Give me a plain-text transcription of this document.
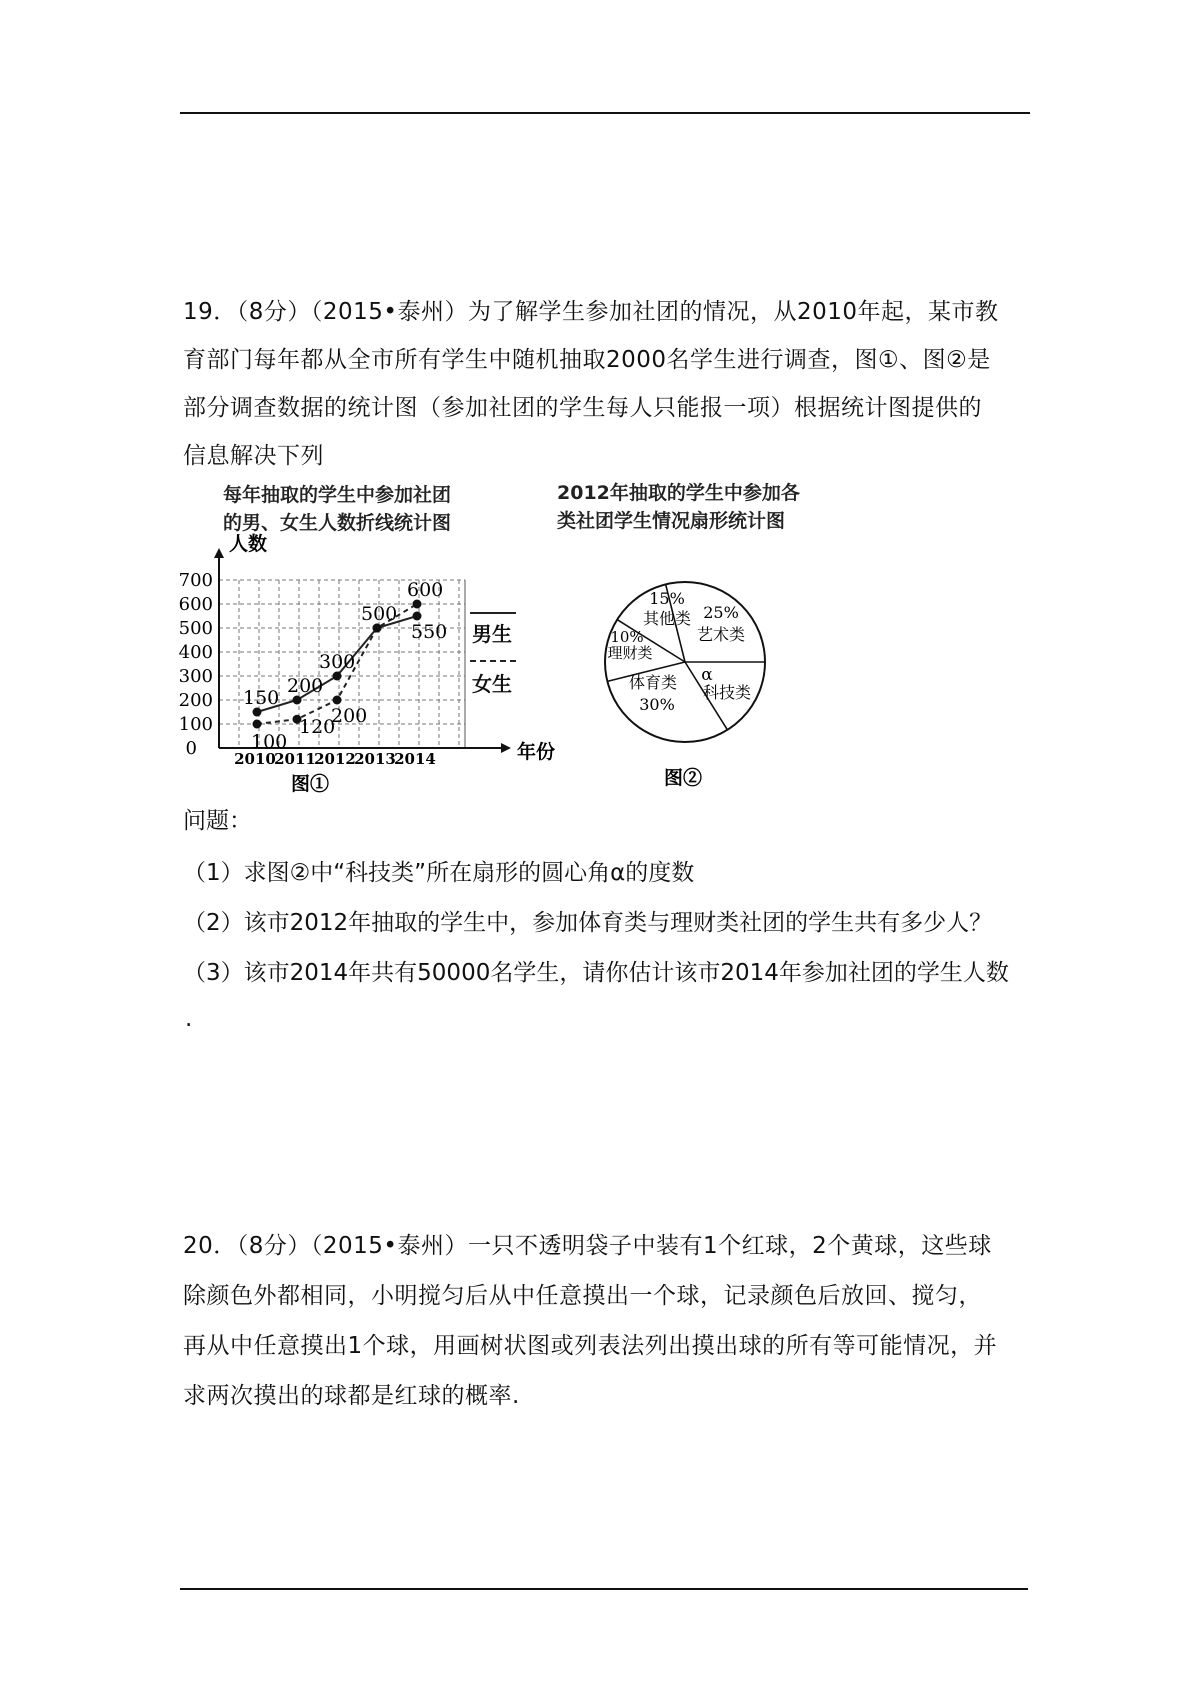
19．（8分）（2015•泰州）为了解学生参加社团的情况，从2010年起，某市教
育部门每年都从全市所有学生中随机抽取2000名学生进行调查，图①、图②是
部分调查数据的统计图（参加社团的学生每人只能报一项）根据统计图提供的
信息解决下列
每年抽取的学生中参加社团
的男、女生人数折线统计图
人数
年份
100
200
300
400
500
600
700
0 2010
2011
2012
2013
2014
150
200
300
500
600
100
120
200
550
图①
男生
女生
2012年抽取的学生中参加各
类社团学生情况扇形统计图
25%
艺术类
α
科技类
体育类
30%
10%
理财类
15%
其他类
图②
问题：
（1）求图②中“科技类”所在扇形的圆心角α的度数
（2）该市2012年抽取的学生中，参加体育类与理财类社团的学生共有多少人？
（3）该市2014年共有50000名学生，请你估计该市2014年参加社团的学生人数
.
20．（8分）（2015•泰州）一只不透明袋子中装有1个红球，2个黄球，这些球
除颜色外都相同，小明搅匀后从中任意摸出一个球，记录颜色后放回、搅匀，
再从中任意摸出1个球，用画树状图或列表法列出摸出球的所有等可能情况，并
求两次摸出的球都是红球的概率.
